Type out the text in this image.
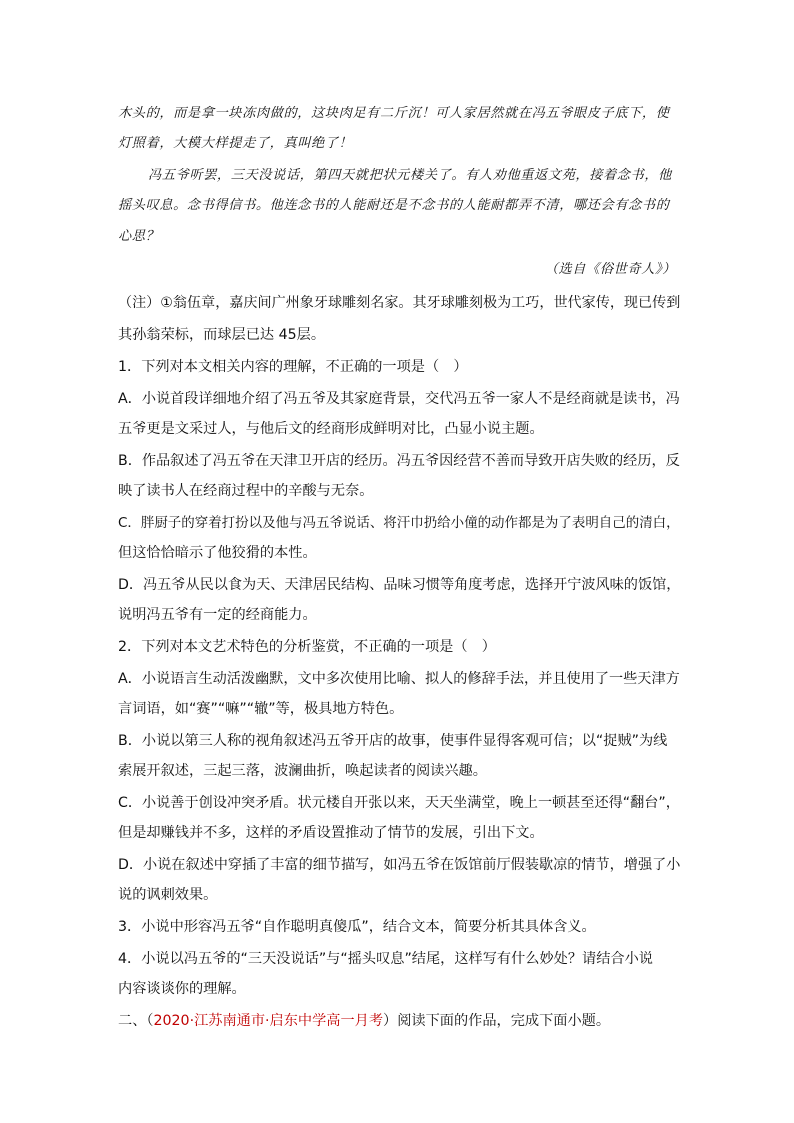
木头的，而是拿一块冻肉做的，这块肉足有二斤沉！可人家居然就在冯五爷眼皮子底下，使
灯照着，大模大样提走了，真叫绝了！
冯五爷听罢，三天没说话，第四天就把状元楼关了。有人劝他重返文苑，接着念书，他
摇头叹息。念书得信书。他连念书的人能耐还是不念书的人能耐都弄不清，哪还会有念书的
心思？
（选自《俗世奇人》）
（注）①翁伍章，嘉庆间广州象牙球雕刻名家。其牙球雕刻极为工巧，世代家传，现已传到
其孙翁荣标，而球层已达 45层。
1．下列对本文相关内容的理解，不正确的一项是（　）
A．小说首段详细地介绍了冯五爷及其家庭背景，交代冯五爷一家人不是经商就是读书，冯
五爷更是文采过人，与他后文的经商形成鲜明对比，凸显小说主题。
B．作品叙述了冯五爷在天津卫开店的经历。冯五爷因经营不善而导致开店失败的经历，反
映了读书人在经商过程中的辛酸与无奈。
C．胖厨子的穿着打扮以及他与冯五爷说话、将汗巾扔给小僮的动作都是为了表明自己的清白，
但这恰恰暗示了他狡猾的本性。
D．冯五爷从民以食为天、天津居民结构、品味习惯等角度考虑，选择开宁波风味的饭馆，
说明冯五爷有一定的经商能力。
2．下列对本文艺术特色的分析鉴赏，不正确的一项是（　）
A．小说语言生动活泼幽默，文中多次使用比喻、拟人的修辞手法，并且使用了一些天津方
言词语，如“赛”“嘛”“辙”等，极具地方特色。
B．小说以第三人称的视角叙述冯五爷开店的故事，使事件显得客观可信；以“捉贼”为线
索展开叙述，三起三落，波澜曲折，唤起读者的阅读兴趣。
C．小说善于创设冲突矛盾。状元楼自开张以来，天天坐满堂，晚上一顿甚至还得“翻台”，
但是却赚钱并不多，这样的矛盾设置推动了情节的发展，引出下文。
D．小说在叙述中穿插了丰富的细节描写，如冯五爷在饭馆前厅假装歇凉的情节，增强了小
说的讽刺效果。
3．小说中形容冯五爷“自作聪明真傻瓜”，结合文本，简要分析其具体含义。
4．小说以冯五爷的“三天没说话”与“摇头叹息”结尾，这样写有什么妙处？请结合小说
内容谈谈你的理解。
二、（2020·江苏南通市·启东中学高一月考）阅读下面的作品，完成下面小题。
